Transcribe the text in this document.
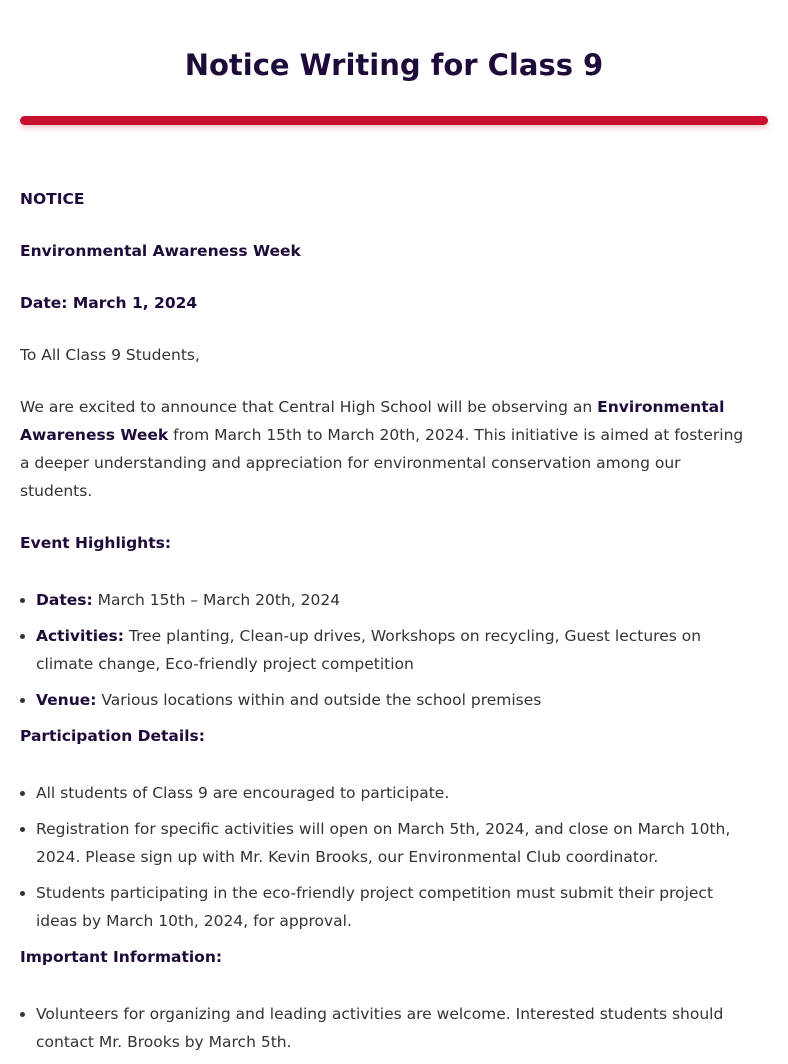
Notice Writing for Class 9

NOTICE

Environmental Awareness Week

Date: March 1, 2024

To All Class 9 Students,

We are excited to announce that Central High School will be observing an Environmental Awareness Week from March 15th to March 20th, 2024. This initiative is aimed at fostering a deeper understanding and appreciation for environmental conservation among our students.

Event Highlights:

• Dates: March 15th – March 20th, 2024
• Activities: Tree planting, Clean-up drives, Workshops on recycling, Guest lectures on climate change, Eco-friendly project competition
• Venue: Various locations within and outside the school premises

Participation Details:

• All students of Class 9 are encouraged to participate.
• Registration for specific activities will open on March 5th, 2024, and close on March 10th, 2024. Please sign up with Mr. Kevin Brooks, our Environmental Club coordinator.
• Students participating in the eco-friendly project competition must submit their project ideas by March 10th, 2024, for approval.

Important Information:

• Volunteers for organizing and leading activities are welcome. Interested students should contact Mr. Brooks by March 5th.
